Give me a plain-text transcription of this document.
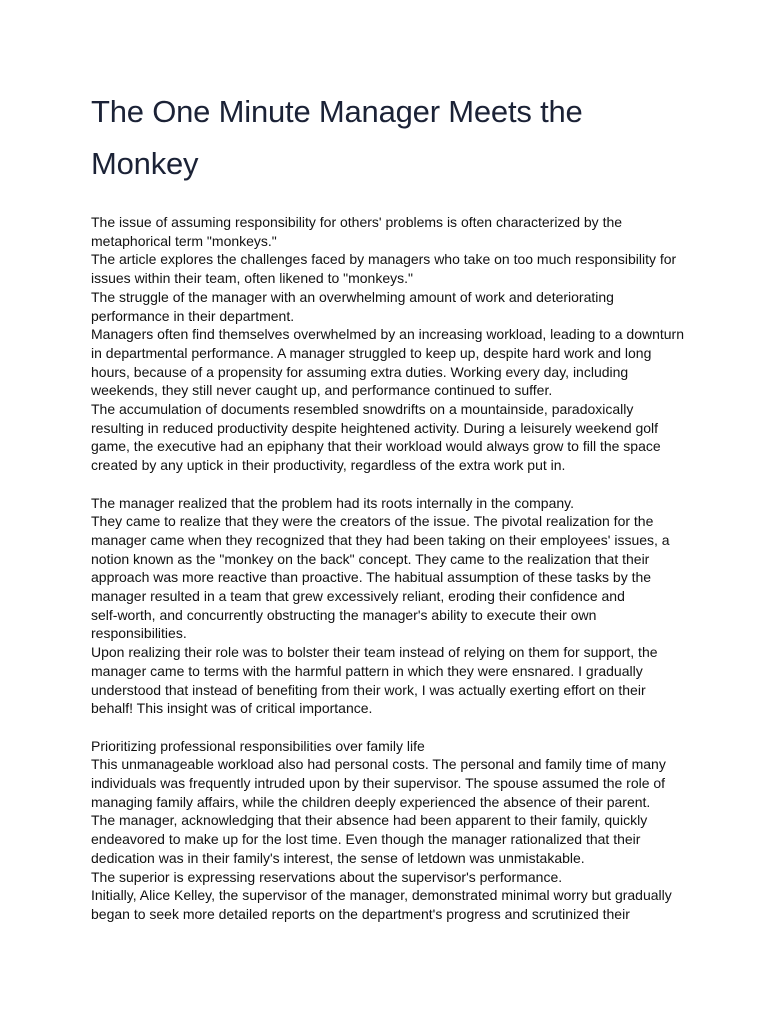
The One Minute Manager Meets the
Monkey
The issue of assuming responsibility for others' problems is often characterized by the
metaphorical term "monkeys."
The article explores the challenges faced by managers who take on too much responsibility for
issues within their team, often likened to "monkeys."
The struggle of the manager with an overwhelming amount of work and deteriorating
performance in their department.
Managers often find themselves overwhelmed by an increasing workload, leading to a downturn
in departmental performance. A manager struggled to keep up, despite hard work and long
hours, because of a propensity for assuming extra duties. Working every day, including
weekends, they still never caught up, and performance continued to suffer.
The accumulation of documents resembled snowdrifts on a mountainside, paradoxically
resulting in reduced productivity despite heightened activity. During a leisurely weekend golf
game, the executive had an epiphany that their workload would always grow to fill the space
created by any uptick in their productivity, regardless of the extra work put in.
The manager realized that the problem had its roots internally in the company.
They came to realize that they were the creators of the issue. The pivotal realization for the
manager came when they recognized that they had been taking on their employees' issues, a
notion known as the "monkey on the back" concept. They came to the realization that their
approach was more reactive than proactive. The habitual assumption of these tasks by the
manager resulted in a team that grew excessively reliant, eroding their confidence and
self-worth, and concurrently obstructing the manager's ability to execute their own
responsibilities.
Upon realizing their role was to bolster their team instead of relying on them for support, the
manager came to terms with the harmful pattern in which they were ensnared. I gradually
understood that instead of benefiting from their work, I was actually exerting effort on their
behalf! This insight was of critical importance.
Prioritizing professional responsibilities over family life
This unmanageable workload also had personal costs. The personal and family time of many
individuals was frequently intruded upon by their supervisor. The spouse assumed the role of
managing family affairs, while the children deeply experienced the absence of their parent.
The manager, acknowledging that their absence had been apparent to their family, quickly
endeavored to make up for the lost time. Even though the manager rationalized that their
dedication was in their family's interest, the sense of letdown was unmistakable.
The superior is expressing reservations about the supervisor's performance.
Initially, Alice Kelley, the supervisor of the manager, demonstrated minimal worry but gradually
began to seek more detailed reports on the department's progress and scrutinized their
